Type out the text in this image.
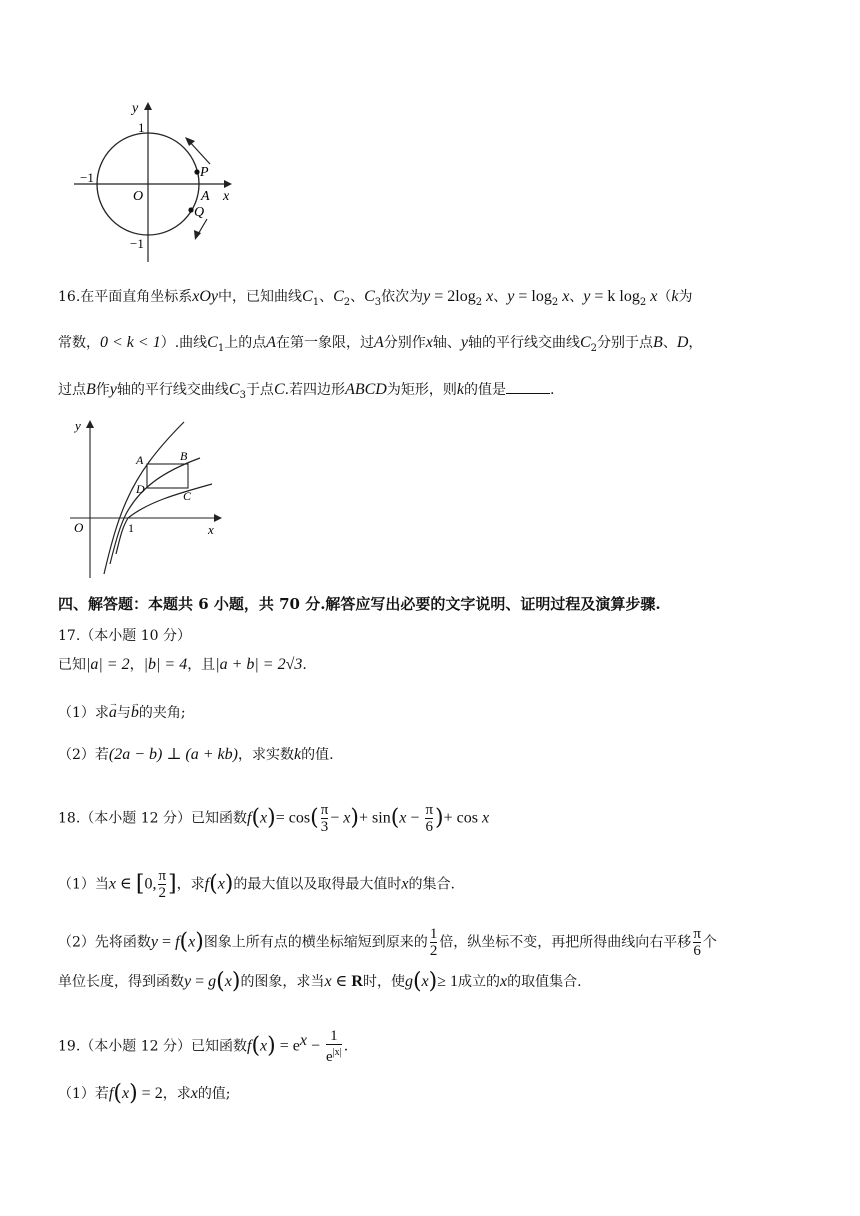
y
x
O
1
−1
−1
P
A
Q
16.在平面直角坐标系xOy中，已知曲线$C_1$、$C_2$、$C_3$依次为$y = 2\log_2$ x、$y = \log_2 x$、y = k $\log_2 x(k$为
常数，0 < k < 1）.曲线$C_1$上的点A在第一象限，过A分别作x轴、y轴的平行线交曲线$C_2$分别于点B、D，
过点B作y轴的平行线交曲线$C_3$于点C.若四边形ABCD为矩形，则k的值是	.
y
x
O	1
A	B
C
D
四、解答题：本题共 6 小题，共 70 分.解答应写出必要的文字说明、证明过程及演算步骤.
17.（本小题 10 分）
已知|a| = 2，|b| = 4，且|a + b| = 2√3.
（1）求→ a与→ b的夹角;
（2）若(2a − b) ⊥ (a + kb)，求实数k的值.
18.（本小题 12 分）已知函数$f(x)= \cos( \frac{\pi}{3} - x)+ \sin(x - \frac{\pi}{6}$ )+ cos x
（1）当x ∈ [0, $\frac{\pi}{2}$ ]，求f(x)的最大值以及取得最大值时x的集合.
（2）先将函数y = f(x)图象上所有点的横坐标缩短到原来的 $\frac{1}{2}$ 倍，纵坐标不变，再把所得曲线向右平移 $\frac{\pi}{6}$ 个
单位长度，得到函数y = g(x)的图象，求当x ∈ R时，使g(x)≥ 1成立的x的取值集合.
19.（本小题 12 分）已知函数$f(x) = e^x - \frac{1}{e^{|x|}}$ .
（1）若f(x) = 2，求x的值;
